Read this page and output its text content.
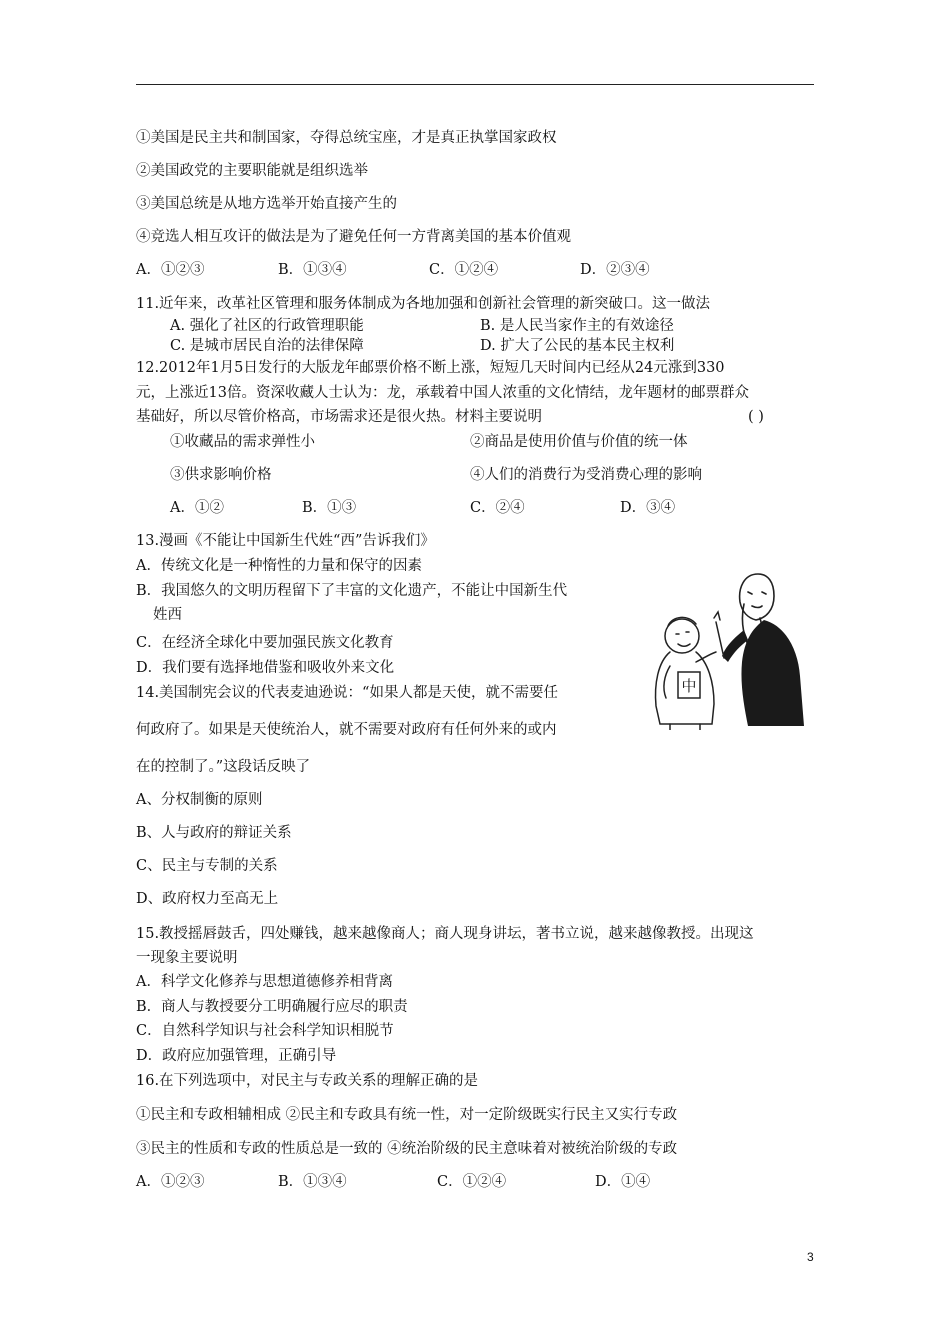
①美国是民主共和制国家，夺得总统宝座，才是真正执掌国家政权
②美国政党的主要职能就是组织选举
③美国总统是从地方选举开始直接产生的
④竞选人相互攻讦的做法是为了避免任何一方背离美国的基本价值观
A．①②③	B．①③④	C．①②④	D．②③④
11.近年来，改革社区管理和服务体制成为各地加强和创新社会管理的新突破口。这一做法
A. 强化了社区的行政管理职能	B. 是人民当家作主的有效途径
C. 是城市居民自治的法律保障	D. 扩大了公民的基本民主权利
12.2012年1月5日发行的大版龙年邮票价格不断上涨，短短几天时间内已经从24元涨到330
元，上涨近13倍。资深收藏人士认为：龙，承载着中国人浓重的文化情结，龙年题材的邮票群众
基础好，所以尽管价格高，市场需求还是很火热。材料主要说明	( )
①收藏品的需求弹性小	②商品是使用价值与价值的统一体
③供求影响价格	④人们的消费行为受消费心理的影响
A．①②	B．①③	C．②④	D．③④
13.漫画《不能让中国新生代姓“西”告诉我们》
A．传统文化是一种惰性的力量和保守的因素
B．我国悠久的文明历程留下了丰富的文化遗产，不能让中国新生代
姓西
C．在经济全球化中要加强民族文化教育
D．我们要有选择地借鉴和吸收外来文化
中
14.美国制宪会议的代表麦迪逊说：“如果人都是天使，就不需要任
何政府了。如果是天使统治人，就不需要对政府有任何外来的或内
在的控制了。”这段话反映了
A、分权制衡的原则
B、人与政府的辩证关系
C、民主与专制的关系
D、政府权力至高无上
15.教授摇唇鼓舌，四处赚钱，越来越像商人；商人现身讲坛，著书立说，越来越像教授。出现这
一现象主要说明
A．科学文化修养与思想道德修养相背离
B．商人与教授要分工明确履行应尽的职责
C．自然科学知识与社会科学知识相脱节
D．政府应加强管理，正确引导
16.在下列选项中，对民主与专政关系的理解正确的是
①民主和专政相辅相成 ②民主和专政具有统一性，对一定阶级既实行民主又实行专政
③民主的性质和专政的性质总是一致的 ④统治阶级的民主意味着对被统治阶级的专政
A．①②③	B．①③④	C．①②④	D．①④
3
